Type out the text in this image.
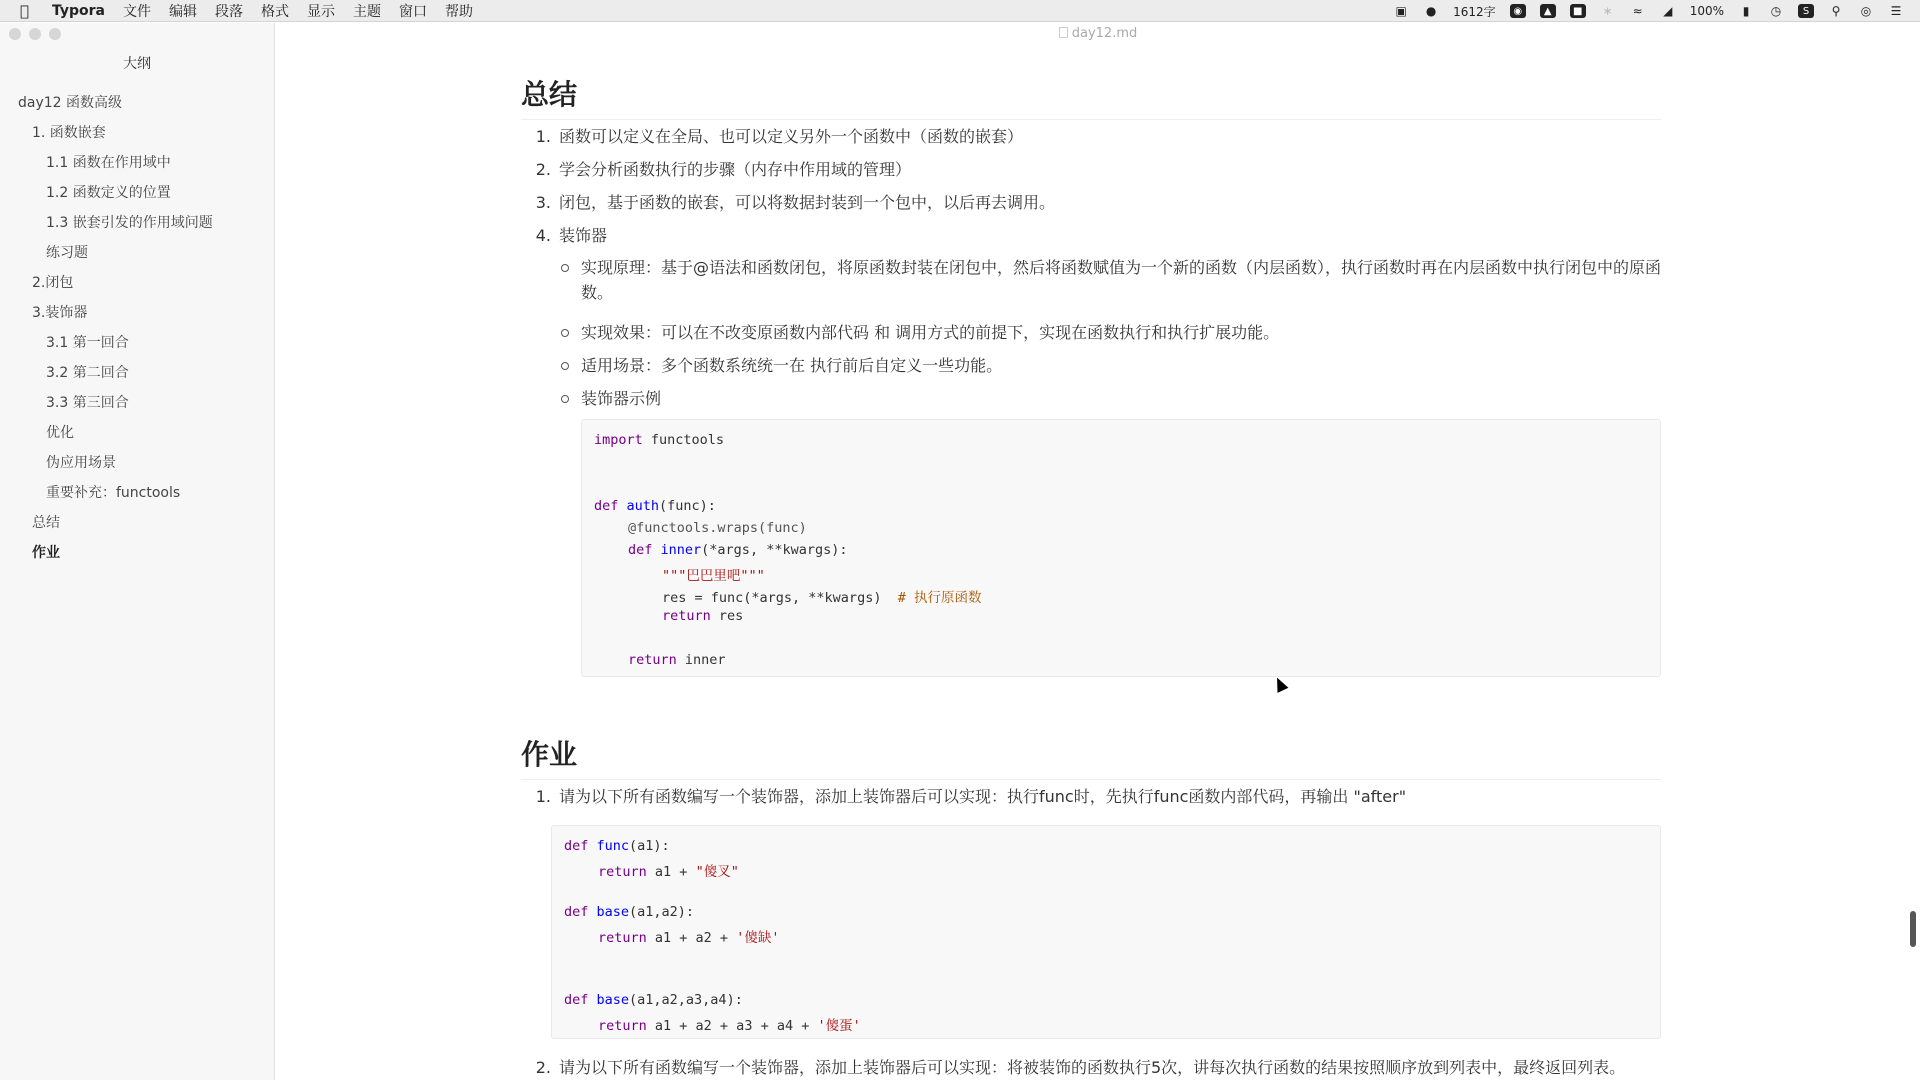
Typora 文件 编辑 段落 格式 显示 主题 窗口 帮助	▣ ● 1612字	◉	▲	■ ∗ ≈ ◢ 100%	▮	◷	S	⚲	◎ ☰
大纲
day12 函数高级
1. 函数嵌套
1.1 函数在作用域中
1.2 函数定义的位置
1.3 嵌套引发的作用域问题
练习题
2.闭包
3.装饰器
3.1 第一回合
3.2 第二回合
3.3 第三回合
优化
伪应用场景
重要补充：functools
总结
作业
day12.md
总结
1. 函数可以定义在全局、也可以定义另外一个函数中（函数的嵌套）
2. 学会分析函数执行的步骤（内存中作用域的管理）
3. 闭包，基于函数的嵌套，可以将数据封装到一个包中，以后再去调用。
4. 装饰器
实现原理：基于@语法和函数闭包，将原函数封装在闭包中，然后将函数赋值为一个新的函数（内层函数），执行函数时再在内层函数中执行闭包中的原函数。
实现效果：可以在不改变原函数内部代码 和 调用方式的前提下，实现在函数执行和执行扩展功能。
适用场景：多个函数系统统一在 执行前后自定义一些功能。
装饰器示例
import functools
def auth(func):
@functools.wraps(func)
def inner(*args, **kwargs):
"""巴巴里吧"""
res = func(*args, **kwargs) # 执行原函数
return res
return inner
作业
1. 请为以下所有函数编写一个装饰器，添加上装饰器后可以实现：执行func时，先执行func函数内部代码，再输出 "after"
def func(a1):
return a1 + "傻叉"
def base(a1,a2):
return a1 + a2 + '傻缺'
def base(a1,a2,a3,a4):
return a1 + a2 + a3 + a4 + '傻蛋'
2. 请为以下所有函数编写一个装饰器，添加上装饰器后可以实现：将被装饰的函数执行5次，讲每次执行函数的结果按照顺序放到列表中，最终返回列表。
